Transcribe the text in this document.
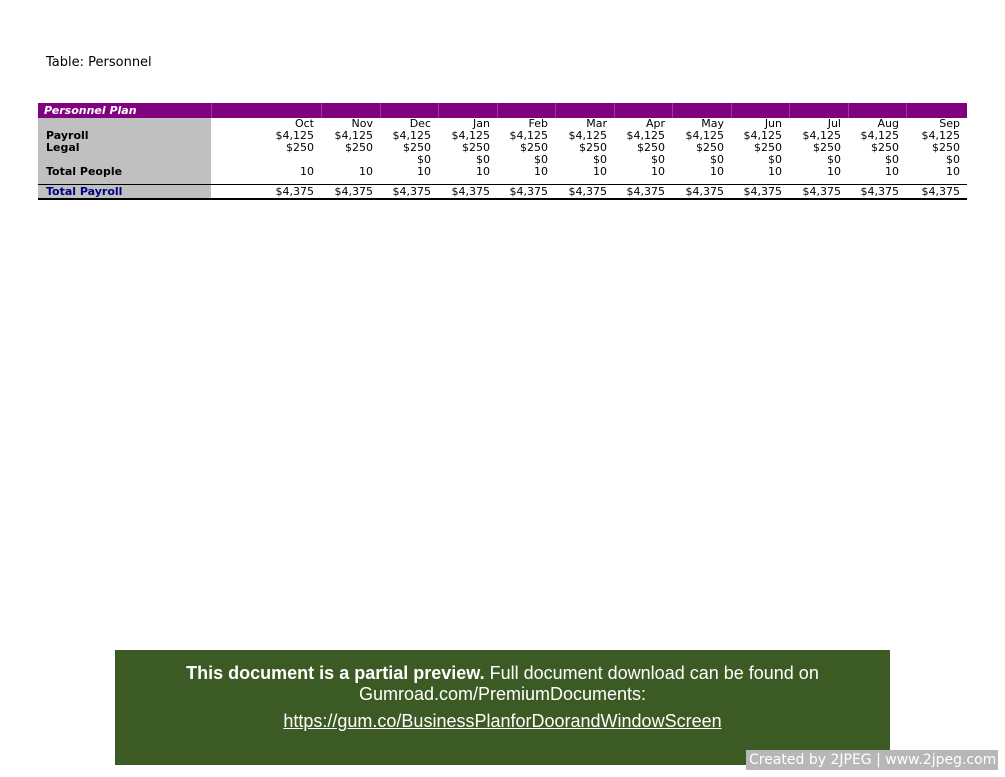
Table: Personnel
Personnel Plan												
	Oct	Nov	Dec	Jan	Feb	Mar	Apr	May	Jun	Jul	Aug	Sep
Payroll	$4,125	$4,125	$4,125	$4,125	$4,125	$4,125	$4,125	$4,125	$4,125	$4,125	$4,125	$4,125
Legal	$250	$250	$250	$250	$250	$250	$250	$250	$250	$250	$250	$250
			$0	$0	$0	$0	$0	$0	$0	$0	$0	$0
Total People	10	10	10	10	10	10	10	10	10	10	10	10

Total Payroll	$4,375	$4,375	$4,375	$4,375	$4,375	$4,375	$4,375	$4,375	$4,375	$4,375	$4,375	$4,375
This document is a partial preview. Full document download can be found on
Gumroad.com/PremiumDocuments:
https://gum.co/BusinessPlanforDoorandWindowScreen
Created by 2JPEG | www.2jpeg.com
